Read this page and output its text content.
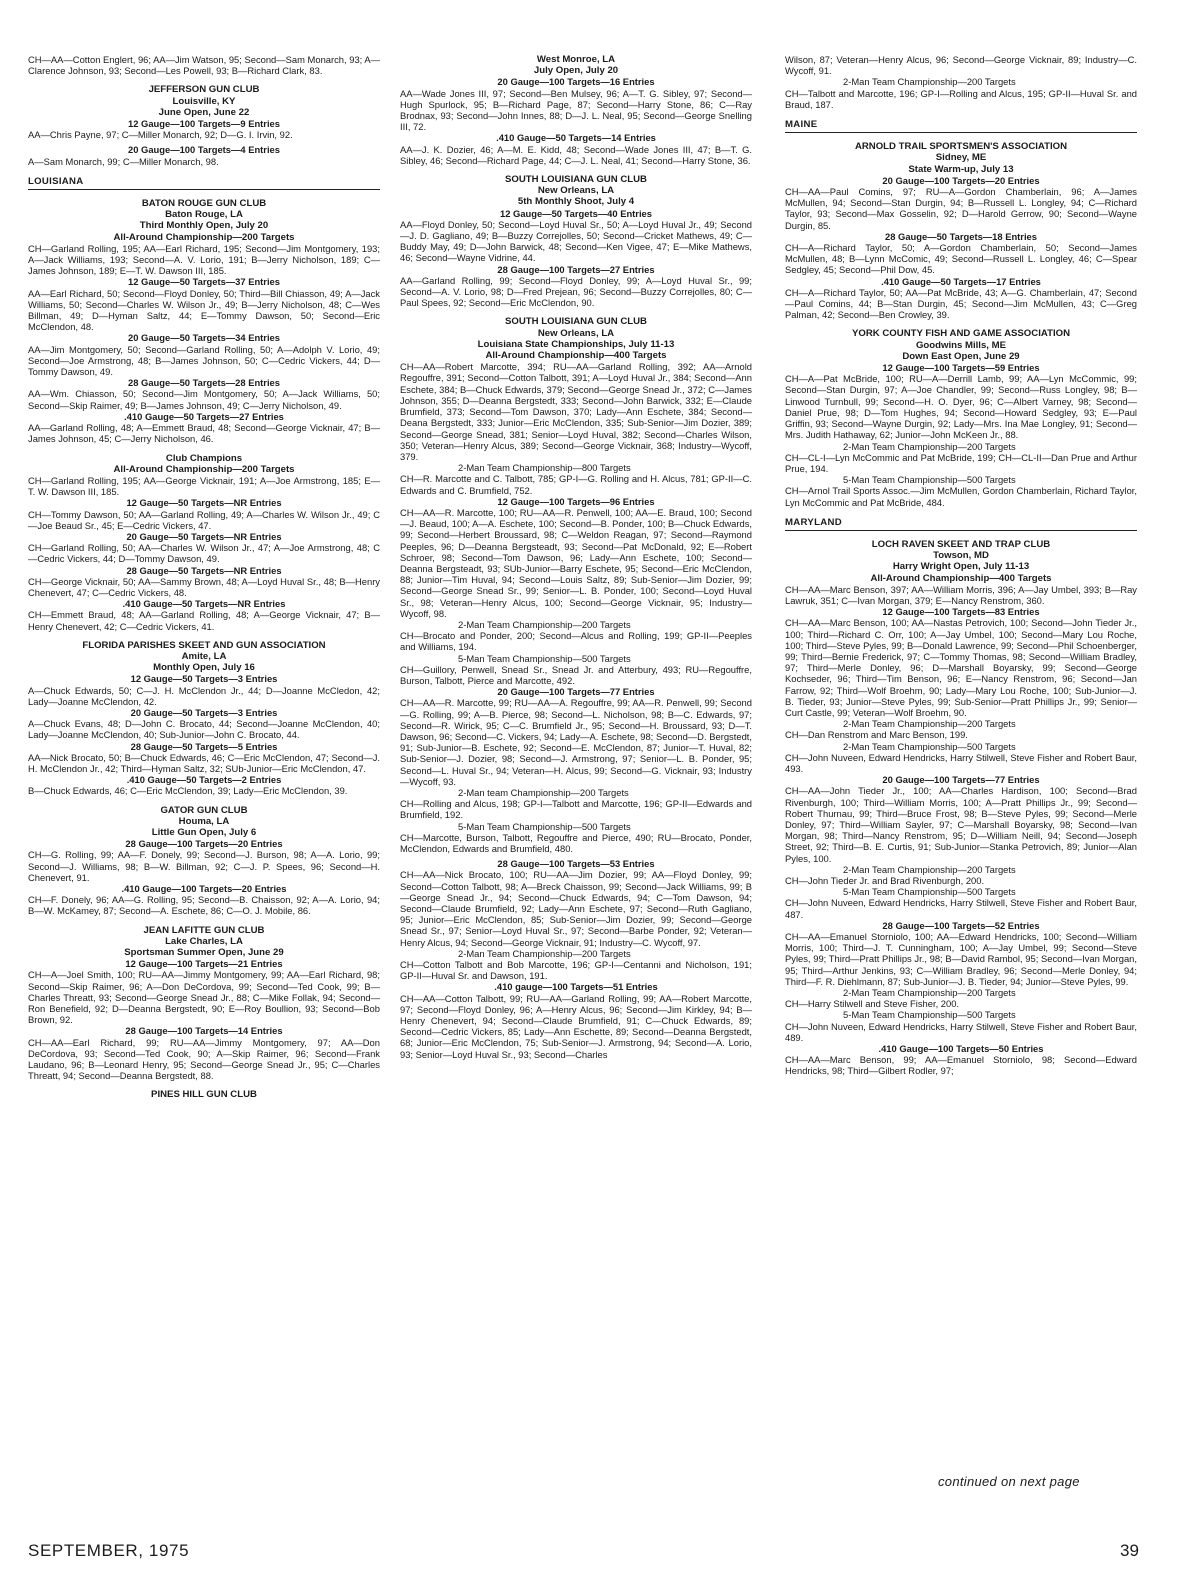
CH—AA—Cotton Englert, 96; AA—Jim Watson, 95; Second—Sam Monarch, 93; A—Clarence Johnson, 93; Second—Les Powell, 93; B—Richard Clark, 83.
JEFFERSON GUN CLUB
Louisville, KY
June Open, June 22
12 Gauge—100 Targets—9 Entries
AA—Chris Payne, 97; C—Miller Monarch, 92; D—G. I. Irvin, 92.
20 Gauge—100 Targets—4 Entries
A—Sam Monarch, 99; C—Miller Monarch, 98.
LOUISIANA
BATON ROUGE GUN CLUB
Baton Rouge, LA
Third Monthly Open, July 20
All-Around Championship—200 Targets
CH—Garland Rolling, 195; AA—Earl Richard, 195; Second—Jim Montgomery, 193; A—Jack Williams, 193; Second—A. V. Lorio, 191; B—Jerry Nicholson, 189; C—James Johnson, 189; E—T. W. Dawson III, 185.
12 Gauge—50 Targets—37 Entries
AA—Earl Richard, 50; Second—Floyd Donley, 50; Third—Bill Chiasson, 49; A—Jack Williams, 50; Second—Charles W. Wilson Jr., 49; B—Jerry Nicholson, 48; C—Wes Billman, 49; D—Hyman Saltz, 44; E—Tommy Dawson, 50; Second—Eric McClendon, 48.
20 Gauge—50 Targets—34 Entries
AA—Jim Montgomery, 50; Second—Garland Rolling, 50; A—Adolph V. Lorio, 49; Second—Joe Armstrong, 48; B—James Johnson, 50; C—Cedric Vickers, 44; D—Tommy Dawson, 49.
28 Gauge—50 Targets—28 Entries
AA—Wm. Chiasson, 50; Second—Jim Montgomery, 50; A—Jack Williams, 50; Second—Skip Raimer, 49; B—James Johnson, 49; C—Jerry Nicholson, 49.
.410 Gauge—50 Targets—27 Entries
AA—Garland Rolling, 48; A—Emmett Braud, 48; Second—George Vicknair, 47; B—James Johnson, 45; C—Jerry Nicholson, 46.
Club Champions
All-Around Championship—200 Targets
CH—Garland Rolling, 195; AA—George Vicknair, 191; A—Joe Armstrong, 185; E—T. W. Dawson III, 185.
12 Gauge—50 Targets—NR Entries
CH—Tommy Dawson, 50; AA—Garland Rolling, 49; A—Charles W. Wilson Jr., 49; C—Joe Beaud Sr., 45; E—Cedric Vickers, 47.
20 Gauge—50 Targets—NR Entries
CH—Garland Rolling, 50; AA—Charles W. Wilson Jr., 47; A—Joe Armstrong, 48; C—Cedric Vickers, 44; D—Tommy Dawson, 49.
28 Gauge—50 Targets—NR Entries
CH—George Vicknair, 50; AA—Sammy Brown, 48; A—Loyd Huval Sr., 48; B—Henry Chenevert, 47; C—Cedric Vickers, 48.
.410 Gauge—50 Targets—NR Entries
CH—Emmett Braud, 48; AA—Garland Rolling, 48; A—George Vicknair, 47; B—Henry Chenevert, 42; C—Cedric Vickers, 41.
FLORIDA PARISHES SKEET AND GUN ASSOCIATION
Amite, LA
Monthly Open, July 16
12 Gauge—50 Targets—3 Entries
A—Chuck Edwards, 50; C—J. H. McClendon Jr., 44; D—Joanne McCledon, 42; Lady—Joanne McClendon, 42.
20 Gauge—50 Targets—3 Entries
A—Chuck Evans, 48; D—John C. Brocato, 44; Second—Joanne McClendon, 40; Lady—Joanne McClendon, 40; Sub-Junior—John C. Brocato, 44.
28 Gauge—50 Targets—5 Entries
AA—Nick Brocato, 50; B—Chuck Edwards, 46; C—Eric McClendon, 47; Second—J. H. McClendon Jr., 42; Third—Hyman Saltz, 32; SUb-Junior—Eric McClendon, 47.
.410 Gauge—50 Targets—2 Entries
B—Chuck Edwards, 46; C—Eric McClendon, 39; Lady—Eric McClendon, 39.
GATOR GUN CLUB
Houma, LA
Little Gun Open, July 6
28 Gauge—100 Targets—20 Entries
CH—G. Rolling, 99; AA—F. Donely, 99; Second—J. Burson, 98; A—A. Lorio, 99; Second—J. Williams, 98; B—W. Billman, 92; C—J. P. Spees, 96; Second—H. Chenevert, 91.
.410 Gauge—100 Targets—20 Entries
CH—F. Donely, 96; AA—G. Rolling, 95; Second—B. Chaisson, 92; A—A. Lorio, 94; B—W. McKamey, 87; Second—A. Eschete, 86; C—O. J. Mobile, 86.
JEAN LAFITTE GUN CLUB
Lake Charles, LA
Sportsman Summer Open, June 29
12 Gauge—100 Targets—21 Entries
CH—A—Joel Smith, 100; RU—AA—Jimmy Montgomery, 99; AA—Earl Richard, 98; Second—Skip Raimer, 96; A—Don DeCordova, 99; Second—Ted Cook, 99; B—Charles Threatt, 93; Second—George Snead Jr., 88; C—Mike Follak, 94; Second—Ron Benefield, 92; D—Deanna Bergstedt, 90; E—Roy Boullion, 93; Second—Bob Brown, 92.
28 Gauge—100 Targets—14 Entries
CH—AA—Earl Richard, 99; RU—AA—Jimmy Montgomery, 97; AA—Don DeCordova, 93; Second—Ted Cook, 90; A—Skip Raimer, 96; Second—Frank Laudano, 96; B—Leonard Henry, 95; Second—George Snead Jr., 95; C—Charles Threatt, 94; Second—Deanna Bergstedt, 88.
PINES HILL GUN CLUB
West Monroe, LA
July Open, July 20
20 Gauge—100 Targets—16 Entries
AA—Wade Jones III, 97; Second—Ben Mulsey, 96; A—T. G. Sibley, 97; Second—Hugh Spurlock, 95; B—Richard Page, 87; Second—Harry Stone, 86; C—Ray Brodnax, 93; Second—John Innes, 88; D—J. L. Neal, 95; Second—George Snelling III, 72.
.410 Gauge—50 Targets—14 Entries
AA—J. K. Dozier, 46; A—M. E. Kidd, 48; Second—Wade Jones III, 47; B—T. G. Sibley, 46; Second—Richard Page, 44; C—J. L. Neal, 41; Second—Harry Stone, 36.
SOUTH LOUISIANA GUN CLUB
New Orleans, LA
5th Monthly Shoot, July 4
12 Gauge—50 Targets—40 Entries
AA—Floyd Donley, 50; Second—Loyd Huval Sr., 50; A—Loyd Huval Jr., 49; Second—J. D. Gagliano, 49; B—Buzzy Correjolles, 50; Second—Cricket Mathews, 49; C—Buddy May, 49; D—John Barwick, 48; Second—Ken Vigee, 47; E—Mike Mathews, 46; Second—Wayne Vidrine, 44.
28 Gauge—100 Targets—27 Entries
AA—Garland Rolling, 99; Second—Floyd Donley, 99; A—Loyd Huval Sr., 99; Second—A. V. Lorio, 98; D—Fred Prejean, 96; Second—Buzzy Correjolles, 80; C—Paul Spees, 92; Second—Eric McClendon, 90.
SOUTH LOUISIANA GUN CLUB
New Orleans, LA
Louisiana State Championships, July 11-13
All-Around Championship—400 Targets
CH—AA—Robert Marcotte, 394; RU—AA—Garland Rolling, 392; AA—Arnold Regouffre, 391; Second—Cotton Talbott, 391; A—Loyd Huval Jr., 384; Second—Ann Eschete, 384; B—Chuck Edwards, 379; Second—George Snead Jr., 372; C—James Johnson, 355; D—Deanna Bergstedt, 333; Second—John Barwick, 332; E—Claude Brumfield, 373; Second—Tom Dawson, 370; Lady—Ann Eschete, 384; Second—Deana Bergstedt, 333; Junior—Eric McClendon, 335; Sub-Senior—Jim Dozier, 389; Second—George Snead, 381; Senior—Loyd Huval, 382; Second—Charles Wilson, 350; Veteran—Henry Alcus, 389; Second—George Vicknair, 368; Industry—Wycoff, 379.
2-Man Team Championship—800 Targets
CH—R. Marcotte and C. Talbott, 785; GP-I—G. Rolling and H. Alcus, 781; GP-II—C. Edwards and C. Brumfield, 752.
12 Gauge—100 Targets—96 Entries
CH—AA—R. Marcotte, 100; RU—AA—R. Penwell, 100; AA—E. Braud, 100; Second—J. Beaud, 100; A—A. Eschete, 100; Second—B. Ponder, 100; B—Chuck Edwards, 99; Second—Herbert Broussard, 98; C—Weldon Reagan, 97; Second—Raymond Peeples, 96; D—Deanna Bergsteadt, 93; Second—Pat McDonald, 92; E—Robert Schroer, 98; Second—Tom Dawson, 96; Lady—Ann Eschete, 100; Second—Deanna Bergsteadt, 93; SUb-Junior—Barry Eschete, 95; Second—Eric McClendon, 88; Junior—Tim Huval, 94; Second—Louis Saltz, 89; Sub-Senior—Jim Dozier, 99; Second—George Snead Sr., 99; Senior—L. B. Ponder, 100; Second—Loyd Huval Sr., 98; Veteran—Henry Alcus, 100; Second—George Vicknair, 95; Industry—Wycoff, 98.
2-Man Team Championship—200 Targets
CH—Brocato and Ponder, 200; Second—Alcus and Rolling, 199; GP-II—Peeples and Williams, 194.
5-Man Team Championship—500 Targets
CH—Guillory, Penwell, Snead Sr., Snead Jr. and Atterbury, 493; RU—Regouffre, Burson, Talbott, Pierce and Marcotte, 492.
20 Gauge—100 Targets—77 Entries
CH—AA—R. Marcotte, 99; RU—AA—A. Regouffre, 99; AA—R. Penwell, 99; Second—G. Rolling, 99; A—B. Pierce, 98; Second—L. Nicholson, 98; B—C. Edwards, 97; Second—R. Wirick, 95; C—C. Brumfield Jr., 95; Second—H. Broussard, 93; D—T. Dawson, 96; Second—C. Vickers, 94; Lady—A. Eschete, 98; Second—D. Bergstedt, 91; Sub-Junior—B. Eschete, 92; Second—E. McClendon, 87; Junior—T. Huval, 82; Sub-Senior—J. Dozier, 98; Second—J. Armstrong, 97; Senior—L. B. Ponder, 95; Second—L. Huval Sr., 94; Veteran—H. Alcus, 99; Second—G. Vicknair, 93; Industry—Wycoff, 93.
2-Man team Championship—200 Targets
CH—Rolling and Alcus, 198; GP-I—Talbott and Marcotte, 196; GP-II—Edwards and Brumfield, 192.
5-Man Team Championship—500 Targets
CH—Marcotte, Burson, Talbott, Regouffre and Pierce, 490; RU—Brocato, Ponder, McClendon, Edwards and Brumfield, 480.
28 Gauge—100 Targets—53 Entries
CH—AA—Nick Brocato, 100; RU—AA—Jim Dozier, 99; AA—Floyd Donley, 99; Second—Cotton Talbott, 98; A—Breck Chaisson, 99; Second—Jack Williams, 99; B—George Snead Jr., 94; Second—Chuck Edwards, 94; C—Tom Dawson, 94; Second—Claude Brumfield, 92; Lady—Ann Eschete, 97; Second—Ruth Gagliano, 95; Junior—Eric McClendon, 85; Sub-Senior—Jim Dozier, 99; Second—George Snead Sr., 97; Senior—Loyd Huval Sr., 97; Second—Barbe Ponder, 92; Veteran—Henry Alcus, 94; Second—George Vicknair, 91; Industry—C. Wycoff, 97.
2-Man Team Championship—200 Targets
CH—Cotton Talbott and Bob Marcotte, 196; GP-I—Centanni and Nicholson, 191; GP-II—Huval Sr. and Dawson, 191.
.410 gauge—100 Targets—51 Entries
CH—AA—Cotton Talbott, 99; RU—AA—Garland Rolling, 99; AA—Robert Marcotte, 97; Second—Floyd Donley, 96; A—Henry Alcus, 96; Second—Jim Kirkley, 94; B—Henry Chenevert, 94; Second—Claude Brumfield, 91; C—Chuck Edwards, 89; Second—Cedric Vickers, 85; Lady—Ann Eschette, 89; Second—Deanna Bergstedt, 68; Junior—Eric McClendon, 75; Sub-Senior—J. Armstrong, 94; Second—A. Lorio, 93; Senior—Loyd Huval Sr., 93; Second—Charles
Wilson, 87; Veteran—Henry Alcus, 96; Second—George Vicknair, 89; Industry—C. Wycoff, 91.
2-Man Team Championship—200 Targets
CH—Talbott and Marcotte, 196; GP-I—Rolling and Alcus, 195; GP-II—Huval Sr. and Braud, 187.
MAINE
ARNOLD TRAIL SPORTSMEN'S ASSOCIATION
Sidney, ME
State Warm-up, July 13
20 Gauge—100 Targets—20 Entries
CH—AA—Paul Comins, 97; RU—A—Gordon Chamberlain, 96; A—James McMullen, 94; Second—Stan Durgin, 94; B—Russell L. Longley, 94; C—Richard Taylor, 93; Second—Max Gosselin, 92; D—Harold Gerrow, 90; Second—Wayne Durgin, 85.
28 Gauge—50 Targets—18 Entries
CH—A—Richard Taylor, 50; A—Gordon Chamberlain, 50; Second—James McMullen, 48; B—Lynn McComic, 49; Second—Russell L. Longley, 46; C—Spear Sedgley, 45; Second—Phil Dow, 45.
.410 Gauge—50 Targets—17 Entries
CH—A—Richard Taylor, 50; AA—Pat McBride, 43; A—G. Chamberlain, 47; Second—Paul Comins, 44; B—Stan Durgin, 45; Second—Jim McMullen, 43; C—Greg Palman, 42; Second—Ben Crowley, 39.
YORK COUNTY FISH AND GAME ASSOCIATION
Goodwins Mills, ME
Down East Open, June 29
12 Gauge—100 Targets—59 Entries
CH—A—Pat McBride, 100; RU—A—Derrill Lamb, 99; AA—Lyn McCommic, 99; Second—Stan Durgin, 97; A—Joe Chandler, 99; Second—Russ Longley, 98; B—Linwood Turnbull, 99; Second—H. O. Dyer, 96; C—Albert Varney, 98; Second—Daniel Prue, 98; D—Tom Hughes, 94; Second—Howard Sedgley, 93; E—Paul Griffin, 93; Second—Wayne Durgin, 92; Lady—Mrs. Ina Mae Longley, 91; Second—Mrs. Judith Hathaway, 62; Junior—John McKeen Jr., 88.
2-Man Team Championship—200 Targets
CH—CL-I—Lyn McCommic and Pat McBride, 199; CH—CL-II—Dan Prue and Arthur Prue, 194.
5-Man Team Championship—500 Targets
CH—Arnol Trail Sports Assoc.—Jim McMullen, Gordon Chamberlain, Richard Taylor, Lyn McCommic and Pat McBride, 484.
MARYLAND
LOCH RAVEN SKEET AND TRAP CLUB
Towson, MD
Harry Wright Open, July 11-13
All-Around Championship—400 Targets
CH—AA—Marc Benson, 397; AA—William Morris, 396; A—Jay Umbel, 393; B—Ray Lawruk, 351; C—Ivan Morgan, 379; E—Nancy Renstrom, 360.
12 Gauge—100 Targets—83 Entries
CH—AA—Marc Benson, 100; AA—Nastas Petrovich, 100; Second—John Tieder Jr., 100; Third—Richard C. Orr, 100; A—Jay Umbel, 100; Second—Mary Lou Roche, 100; Third—Steve Pyles, 99; B—Donald Lawrence, 99; Second—Phil Schoenberger, 99; Third—Bernie Frederick, 97; C—Tommy Thomas, 98; Second—William Bradley, 97; Third—Merle Donley, 96; D—Marshall Boyarsky, 99; Second—George Kochseder, 96; Third—Tim Benson, 96; E—Nancy Renstrom, 96; Second—Jan Farrow, 92; Third—Wolf Broehm, 90; Lady—Mary Lou Roche, 100; Sub-Junior—J. B. Tieder, 93; Junior—Steve Pyles, 99; Sub-Senior—Pratt Phillips Jr., 99; Senior—Curt Castle, 99; Veteran—Wolf Broehm, 90.
2-Man Team Championship—200 Targets
CH—Dan Renstrom and Marc Benson, 199.
2-Man Team Championship—500 Targets
CH—John Nuveen, Edward Hendricks, Harry Stilwell, Steve Fisher and Robert Baur, 493.
20 Gauge—100 Targets—77 Entries
CH—AA—John Tieder Jr., 100; AA—Charles Hardison, 100; Second—Brad Rivenburgh, 100; Third—William Morris, 100; A—Pratt Phillips Jr., 99; Second—Robert Thurnau, 99; Third—Bruce Frost, 98; B—Steve Pyles, 99; Second—Merle Donley, 97; Third—William Sayler, 97; C—Marshall Boyarsky, 98; Second—Ivan Morgan, 98; Third—Nancy Renstrom, 95; D—William Neill, 94; Second—Joseph Street, 92; Third—B. E. Curtis, 91; Sub-Junior—Stanka Petrovich, 89; Junior—Alan Pyles, 100.
2-Man Team Championship—200 Targets
CH—John Tieder Jr. and Brad Rivenburgh, 200.
5-Man Team Championship—500 Targets
CH—John Nuveen, Edward Hendricks, Harry Stilwell, Steve Fisher and Robert Baur, 487.
28 Gauge—100 Targets—52 Entries
CH—AA—Emanuel Storniolo, 100; AA—Edward Hendricks, 100; Second—William Morris, 100; Third—J. T. Cunningham, 100; A—Jay Umbel, 99; Second—Steve Pyles, 99; Third—Pratt Phillips Jr., 98; B—David Rambol, 95; Second—Ivan Morgan, 95; Third—Arthur Jenkins, 93; C—William Bradley, 96; Second—Merle Donley, 94; Third—F. R. Diehlmann, 87; Sub-Junior—J. B. Tieder, 94; Junior—Steve Pyles, 99.
2-Man Team Championship—200 Targets
CH—Harry Stilwell and Steve Fisher, 200.
5-Man Team Championship—500 Targets
CH—John Nuveen, Edward Hendricks, Harry Stilwell, Steve Fisher and Robert Baur, 489.
.410 Gauge—100 Targets—50 Entries
CH—AA—Marc Benson, 99; AA—Emanuel Storniolo, 98; Second—Edward Hendricks, 98; Third—Gilbert Rodler, 97;
continued on next page
SEPTEMBER, 1975	39
